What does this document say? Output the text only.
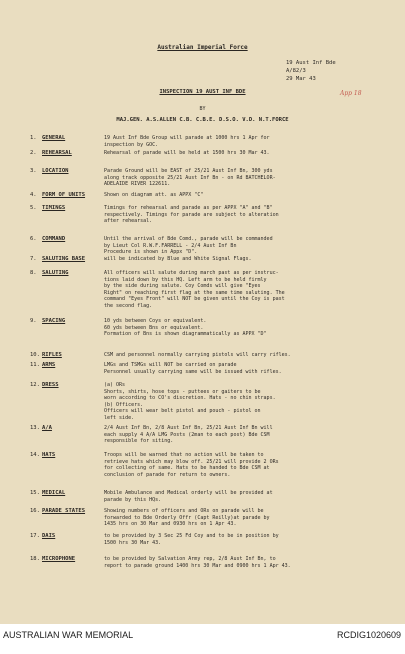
Australian Imperial Force
19 Aust Inf Bde
A/82/3
29 Mar 43
App 18
INSPECTION 19 AUST INF BDE
BY
MAJ.GEN. A.S.ALLEN C.B. C.B.E. D.S.O. V.D. N.T.FORCE
1. GENERAL	19 Aust Inf Bde Group will parade at 1000 hrs 1 Apr for
inspection by GOC.
2. REHEARSAL	Rehearsal of parade will be held at 1500 hrs 30 Mar 43.
3. LOCATION	Parade Ground will be EAST of 25/21 Aust Inf Bn, 300 yds
along track opposite 25/21 Aust Inf Bn - on Rd BATCHELOR-
ADELAIDE RIVER 122611.
4. FORM OF UNITS	Shown on diagram att. as APPX "C"
5. TIMINGS	Timings for rehearsal and parade as per APPX "A" and "B"
respectively. Timings for parade are subject to alteration
after rehearsal.
6. COMMAND	Until the arrival of Bde Comd., parade will be commanded
by Lieut Col R.W.F.FARRELL - 2/4 Aust Inf Bn
Procedure is shown in Appx "D".
7. SALUTING BASE	will be indicated by Blue and White Signal Flags.
8. SALUTING	All officers will salute during march past as per instruc-
tions laid down by this HQ. Left arm to be held firmly
by the side during salute. Coy Comds will give "Eyes
Right" on reaching first flag at the same time saluting. The
command "Eyes Front" will NOT be given until the Coy is past
the second flag.
9. SPACING	10 yds between Coys or equivalent.
60 yds between Bns or equivalent.
Formation of Bns is shown diagrammatically as APPX "D"
10. RIFLES	CSM and personnel normally carrying pistols will carry rifles.
11. ARMS	LMGs and TSMGs will NOT be carried on parade
Personnel usually carrying same will be issued with rifles.
12. DRESS	(a) ORs
Shorts, shirts, hose tops - puttees or gaiters to be
worn according to CO's discretion. Hats - no chin straps.
(b) Officers.
Officers will wear belt pistol and pouch - pistol on
left side.
13. A/A	2/4 Aust Inf Bn, 2/8 Aust Inf Bn, 25/21 Aust Inf Bn will
each supply 4 A/A LMG Posts (2man to each post) Bde CSM
responsible for siting.
14. HATS	Troops will be warned that no action will be taken to
retrieve hats which may blow off. 25/21 will provide 2 ORs
for collecting of same. Hats to be handed to Bde CSM at
conclusion of parade for return to owners.
15. MEDICAL	Mobile Ambulance and Medical orderly will be provided at
parade by this HQs.
16. PARADE STATES	Showing numbers of officers and ORs on parade will be
forwarded to Bde Orderly Offr (Capt Reilly)at parade by
1435 hrs on 30 Mar and 0930 hrs on 1 Apr 43.
17. DAIS	to be provided by 3 Sec 25 Fd Coy and to be in position by
1500 hrs 30 Mar 43.
18. MICROPHONE	to be provided by Salvation Army rep, 2/8 Aust Inf Bn, to
report to parade ground 1400 hrs 30 Mar and 0900 hrs 1 Apr 43.
AUSTRALIAN WAR MEMORIAL	RCDIG1020609
